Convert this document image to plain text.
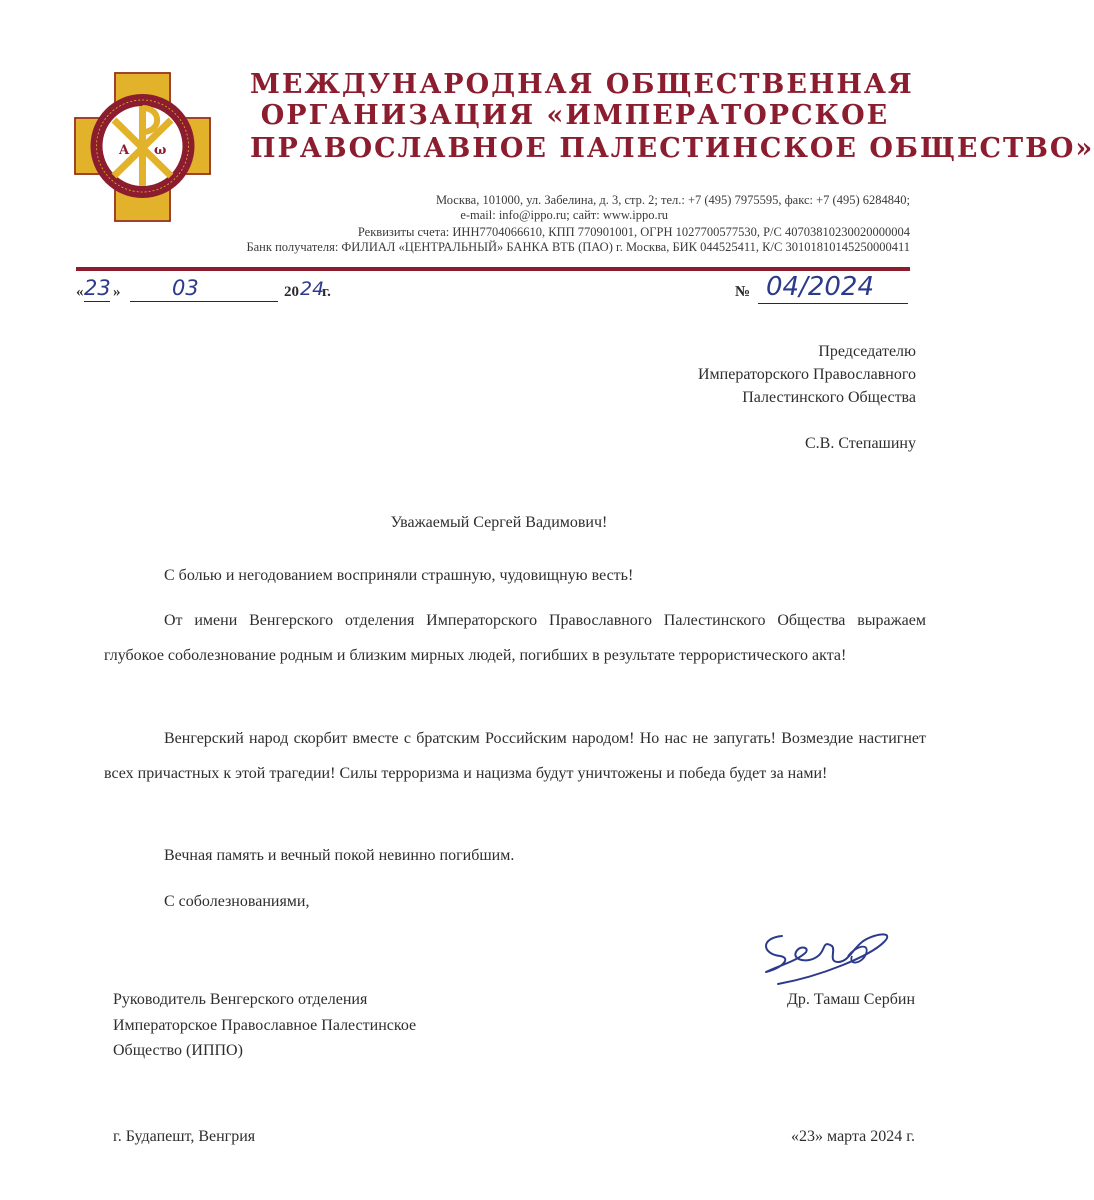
A ω
МЕЖДУНАРОДНАЯ ОБЩЕСТВЕННАЯ
ОРГАНИЗАЦИЯ «ИМПЕРАТОРСКОЕ
ПРАВОСЛАВНОЕ ПАЛЕСТИНСКОЕ ОБЩЕСТВО»
Москва, 101000, ул. Забелина, д. 3, стр. 2; тел.: +7 (495) 7975595, факс: +7 (495) 6284840;
e-mail: info@ippo.ru; сайт: www.ippo.ru
Реквизиты счета: ИНН7704066610, КПП 770901001, ОГРН 1027700577530, Р/С 40703810230020000004
Банк получателя: ФИЛИАЛ «ЦЕНТРАЛЬНЫЙ» БАНКА ВТБ (ПАО) г. Москва, БИК 044525411, К/С 30101810145250000411
« 23 » 03	20 24
г.	№ 04/2024
Председателю
Императорского Православного
Палестинского Общества
С.В. Степашину
Уважаемый Сергей Вадимович!
С болью и негодованием восприняли страшную, чудовищную весть!
От имени Венгерского отделения Императорского Православного Палестинского Общества выражаем глубокое соболезнование родным и близким мирных людей, погибших в результате террористического акта!
Венгерский народ скорбит вместе с братским Российским народом! Но нас не запугать! Возмездие настигнет всех причастных к этой трагедии! Силы терроризма и нацизма будут уничтожены и победа будет за нами!
Вечная память и вечный покой невинно погибшим.
С соболезнованиями,
Руководитель Венгерского отделения
Императорское Православное Палестинское
Общество (ИППО)
Др. Тамаш Сербин
г. Будапешт, Венгрия	«23» марта 2024 г.
